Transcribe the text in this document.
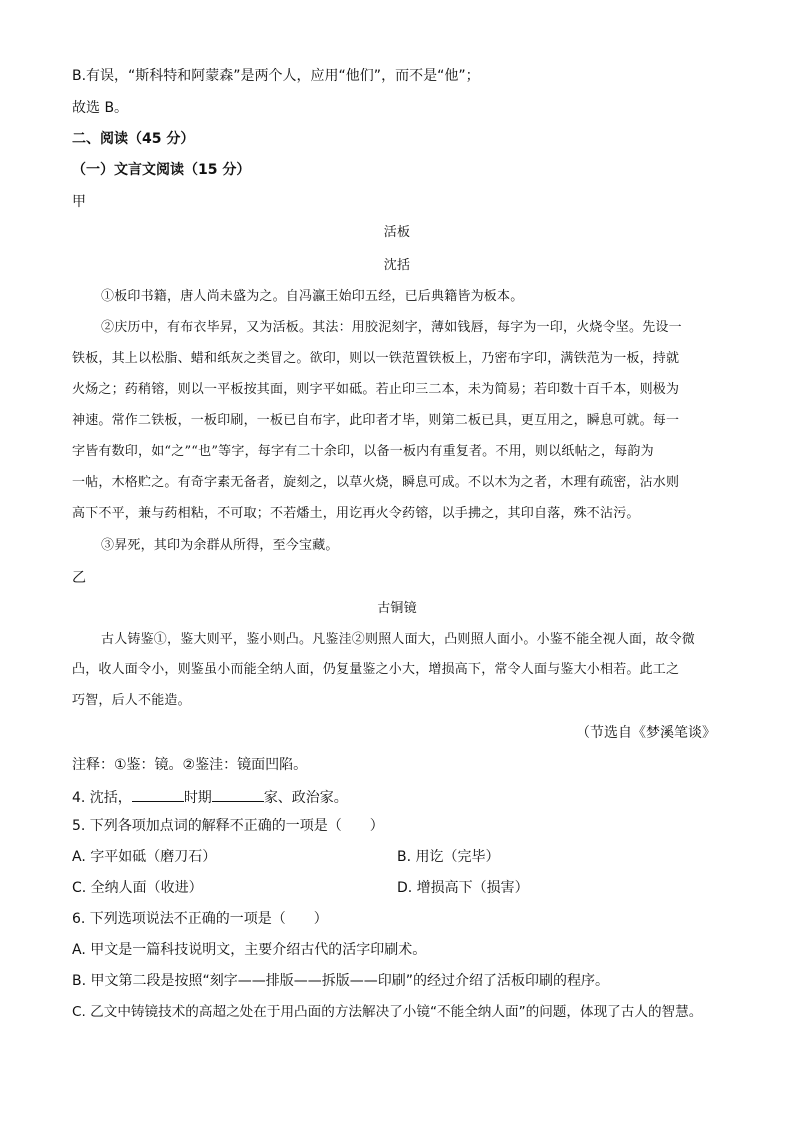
B.有误，“斯科特和阿蒙森”是两个人，应用“他们”，而不是“他”；
故选 B。
二、阅读（45 分）
（一）文言文阅读（15 分）
甲
活板
沈括
①板印书籍，唐人尚未盛为之。自冯瀛王始印五经，已后典籍皆为板本。
②庆历中，有布衣毕昇，又为活板。其法：用胶泥刻字，薄如钱唇，每字为一印，火烧令坚。先设一
铁板，其上以松脂、蜡和纸灰之类冒之。欲印，则以一铁范置铁板上，乃密布字印，满铁范为一板，持就
火炀之；药稍镕，则以一平板按其面，则字平如砥。若止印三二本，未为简易；若印数十百千本，则极为
神速。常作二铁板，一板印刷，一板已自布字，此印者才毕，则第二板已具，更互用之，瞬息可就。每一
字皆有数印，如“之”“也”等字，每字有二十余印，以备一板内有重复者。不用，则以纸帖之，每韵为
一帖，木格贮之。有奇字素无备者，旋刻之，以草火烧，瞬息可成。不以木为之者，木理有疏密，沾水则
高下不平，兼与药相粘，不可取；不若燔土，用讫再火令药镕，以手拂之，其印自落，殊不沾污。
③昇死，其印为余群从所得，至今宝藏。
乙
古铜镜
古人铸鉴①，鉴大则平，鉴小则凸。凡鉴洼②则照人面大，凸则照人面小。小鉴不能全视人面，故令微
凸，收人面令小，则鉴虽小而能全纳人面，仍复量鉴之小大，增损高下，常令人面与鉴大小相若。此工之
巧智，后人不能造。
（节选自《梦溪笔谈》
注释：①鉴：镜。②鉴洼：镜面凹陷。
4. 沈括，	时期	家、政治家。
5. 下列各项加点词的解释不正确的一项是（　　）
A. 字平如砥（磨刀石）	B. 用讫（完毕）
C. 全纳人面（收进）	D. 增损高下（损害）
6. 下列选项说法不正确的一项是（　　）
A. 甲文是一篇科技说明文，主要介绍古代的活字印刷术。
B. 甲文第二段是按照“刻字——排版——拆版——印刷”的经过介绍了活板印刷的程序。
C. 乙文中铸镜技术的高超之处在于用凸面的方法解决了小镜“不能全纳人面”的问题，体现了古人的智慧。
